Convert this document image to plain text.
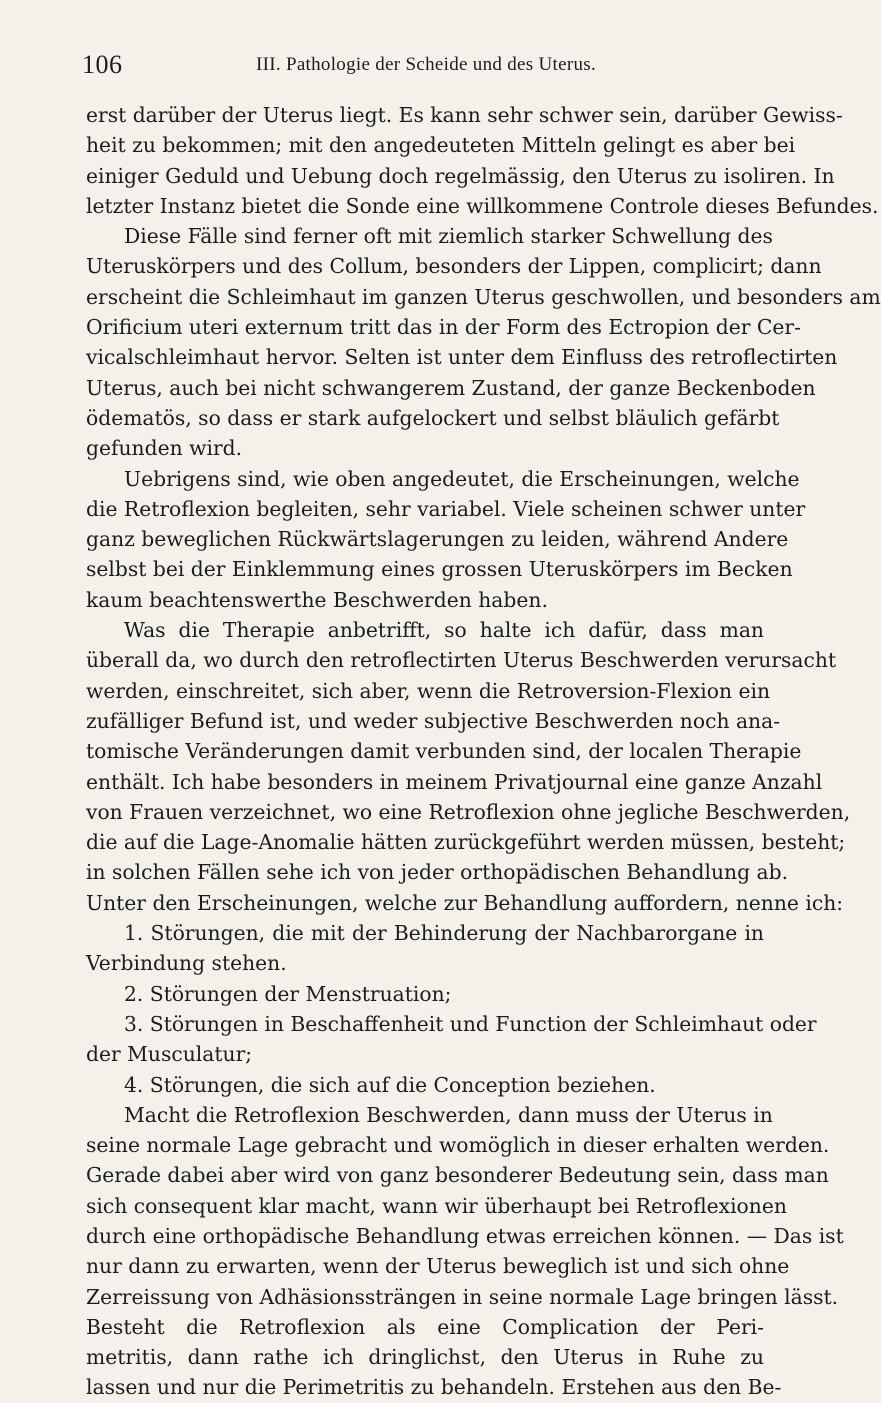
106	III. Pathologie der Scheide und des Uterus.
erst darüber der Uterus liegt. Es kann sehr schwer sein, darüber Gewiss-
heit zu bekommen; mit den angedeuteten Mitteln gelingt es aber bei
einiger Geduld und Uebung doch regelmässig, den Uterus zu isoliren. In
letzter Instanz bietet die Sonde eine willkommene Controle dieses Befundes.
Diese Fälle sind ferner oft mit ziemlich starker Schwellung des
Uteruskörpers und des Collum, besonders der Lippen, complicirt; dann
erscheint die Schleimhaut im ganzen Uterus geschwollen, und besonders am
Orificium uteri externum tritt das in der Form des Ectropion der Cer-
vicalschleimhaut hervor. Selten ist unter dem Einfluss des retroflectirten
Uterus, auch bei nicht schwangerem Zustand, der ganze Beckenboden
ödematös, so dass er stark aufgelockert und selbst bläulich gefärbt
gefunden wird.
Uebrigens sind, wie oben angedeutet, die Erscheinungen, welche
die Retroflexion begleiten, sehr variabel. Viele scheinen schwer unter
ganz beweglichen Rückwärtslagerungen zu leiden, während Andere
selbst bei der Einklemmung eines grossen Uteruskörpers im Becken
kaum beachtenswerthe Beschwerden haben.
Was die Therapie anbetrifft, so halte ich dafür, dass man
überall da, wo durch den retroflectirten Uterus Beschwerden verursacht
werden, einschreitet, sich aber, wenn die Retroversion-Flexion ein
zufälliger Befund ist, und weder subjective Beschwerden noch ana-
tomische Veränderungen damit verbunden sind, der localen Therapie
enthält. Ich habe besonders in meinem Privatjournal eine ganze Anzahl
von Frauen verzeichnet, wo eine Retroflexion ohne jegliche Beschwerden,
die auf die Lage-Anomalie hätten zurückgeführt werden müssen, besteht;
in solchen Fällen sehe ich von jeder orthopädischen Behandlung ab.
Unter den Erscheinungen, welche zur Behandlung auffordern, nenne ich:
1. Störungen, die mit der Behinderung der Nachbarorgane in
Verbindung stehen.
2. Störungen der Menstruation;
3. Störungen in Beschaffenheit und Function der Schleimhaut oder
der Musculatur;
4. Störungen, die sich auf die Conception beziehen.
Macht die Retroflexion Beschwerden, dann muss der Uterus in
seine normale Lage gebracht und womöglich in dieser erhalten werden.
Gerade dabei aber wird von ganz besonderer Bedeutung sein, dass man
sich consequent klar macht, wann wir überhaupt bei Retroflexionen
durch eine orthopädische Behandlung etwas erreichen können. — Das ist
nur dann zu erwarten, wenn der Uterus beweglich ist und sich ohne
Zerreissung von Adhäsionssträngen in seine normale Lage bringen lässt.
Besteht die Retroflexion als eine Complication der Peri-
metritis, dann rathe ich dringlichst, den Uterus in Ruhe zu
lassen und nur die Perimetritis zu behandeln. Erstehen aus den Be-
